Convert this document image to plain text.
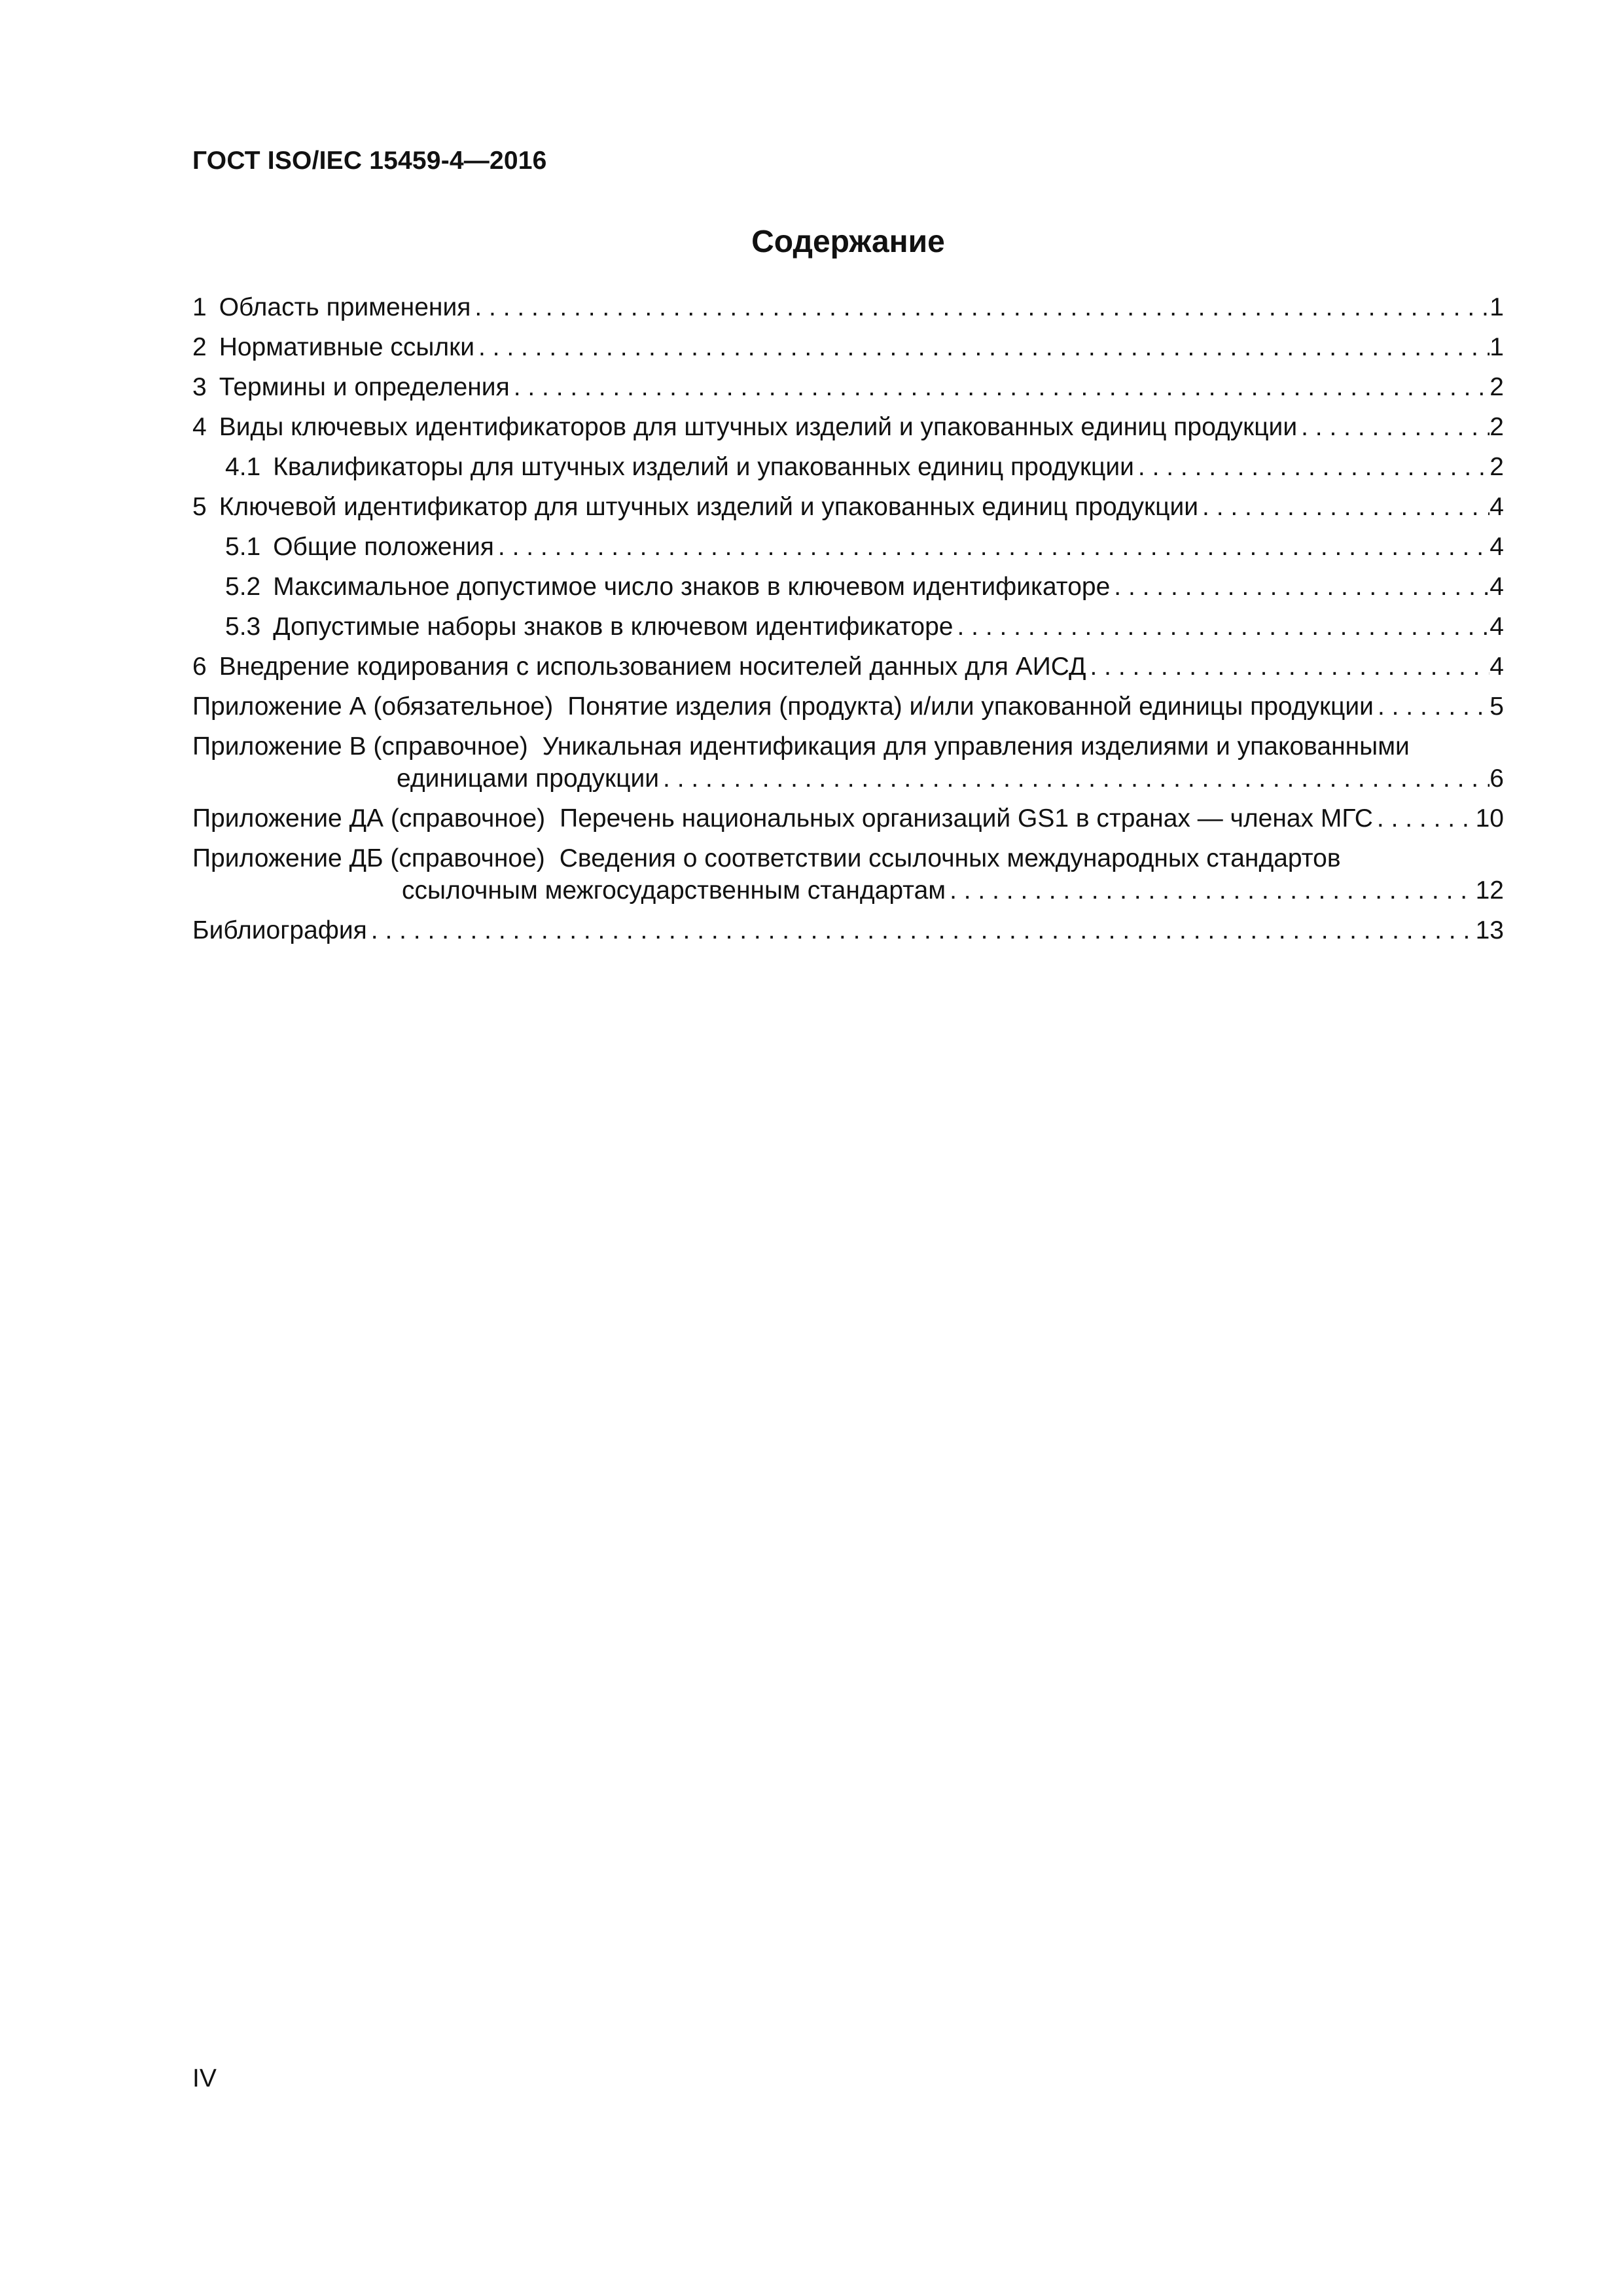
ГОСТ ISO/IEC 15459-4—2016
Содержание
1 Область применения . . .	1
2 Нормативные ссылки . . .	1
3 Термины и определения . . .	2
4 Виды ключевых идентификаторов для штучных изделий и упакованных единиц продукции . . .	2
4.1 Квалификаторы для штучных изделий и упакованных единиц продукции . . .	2
5 Ключевой идентификатор для штучных изделий и упакованных единиц продукции . . .	4
5.1 Общие положения . . .	4
5.2 Максимальное допустимое число знаков в ключевом идентификаторе . . .	4
5.3 Допустимые наборы знаков в ключевом идентификаторе . . .	4
6 Внедрение кодирования с использованием носителей данных для АИСД . . .	4
Приложение А (обязательное) Понятие изделия (продукта) и/или упакованной единицы продукции . . .	5
Приложение В (справочное) Уникальная идентификация для управления изделиями и упакованными
единицами продукции . . .	6
Приложение ДА (справочное) Перечень национальных организаций GS1 в странах — членах МГС . . .	10
Приложение ДБ (справочное) Сведения о соответствии ссылочных международных стандартов
ссылочным межгосударственным стандартам . . .	12
Библиография . . .	13
IV
